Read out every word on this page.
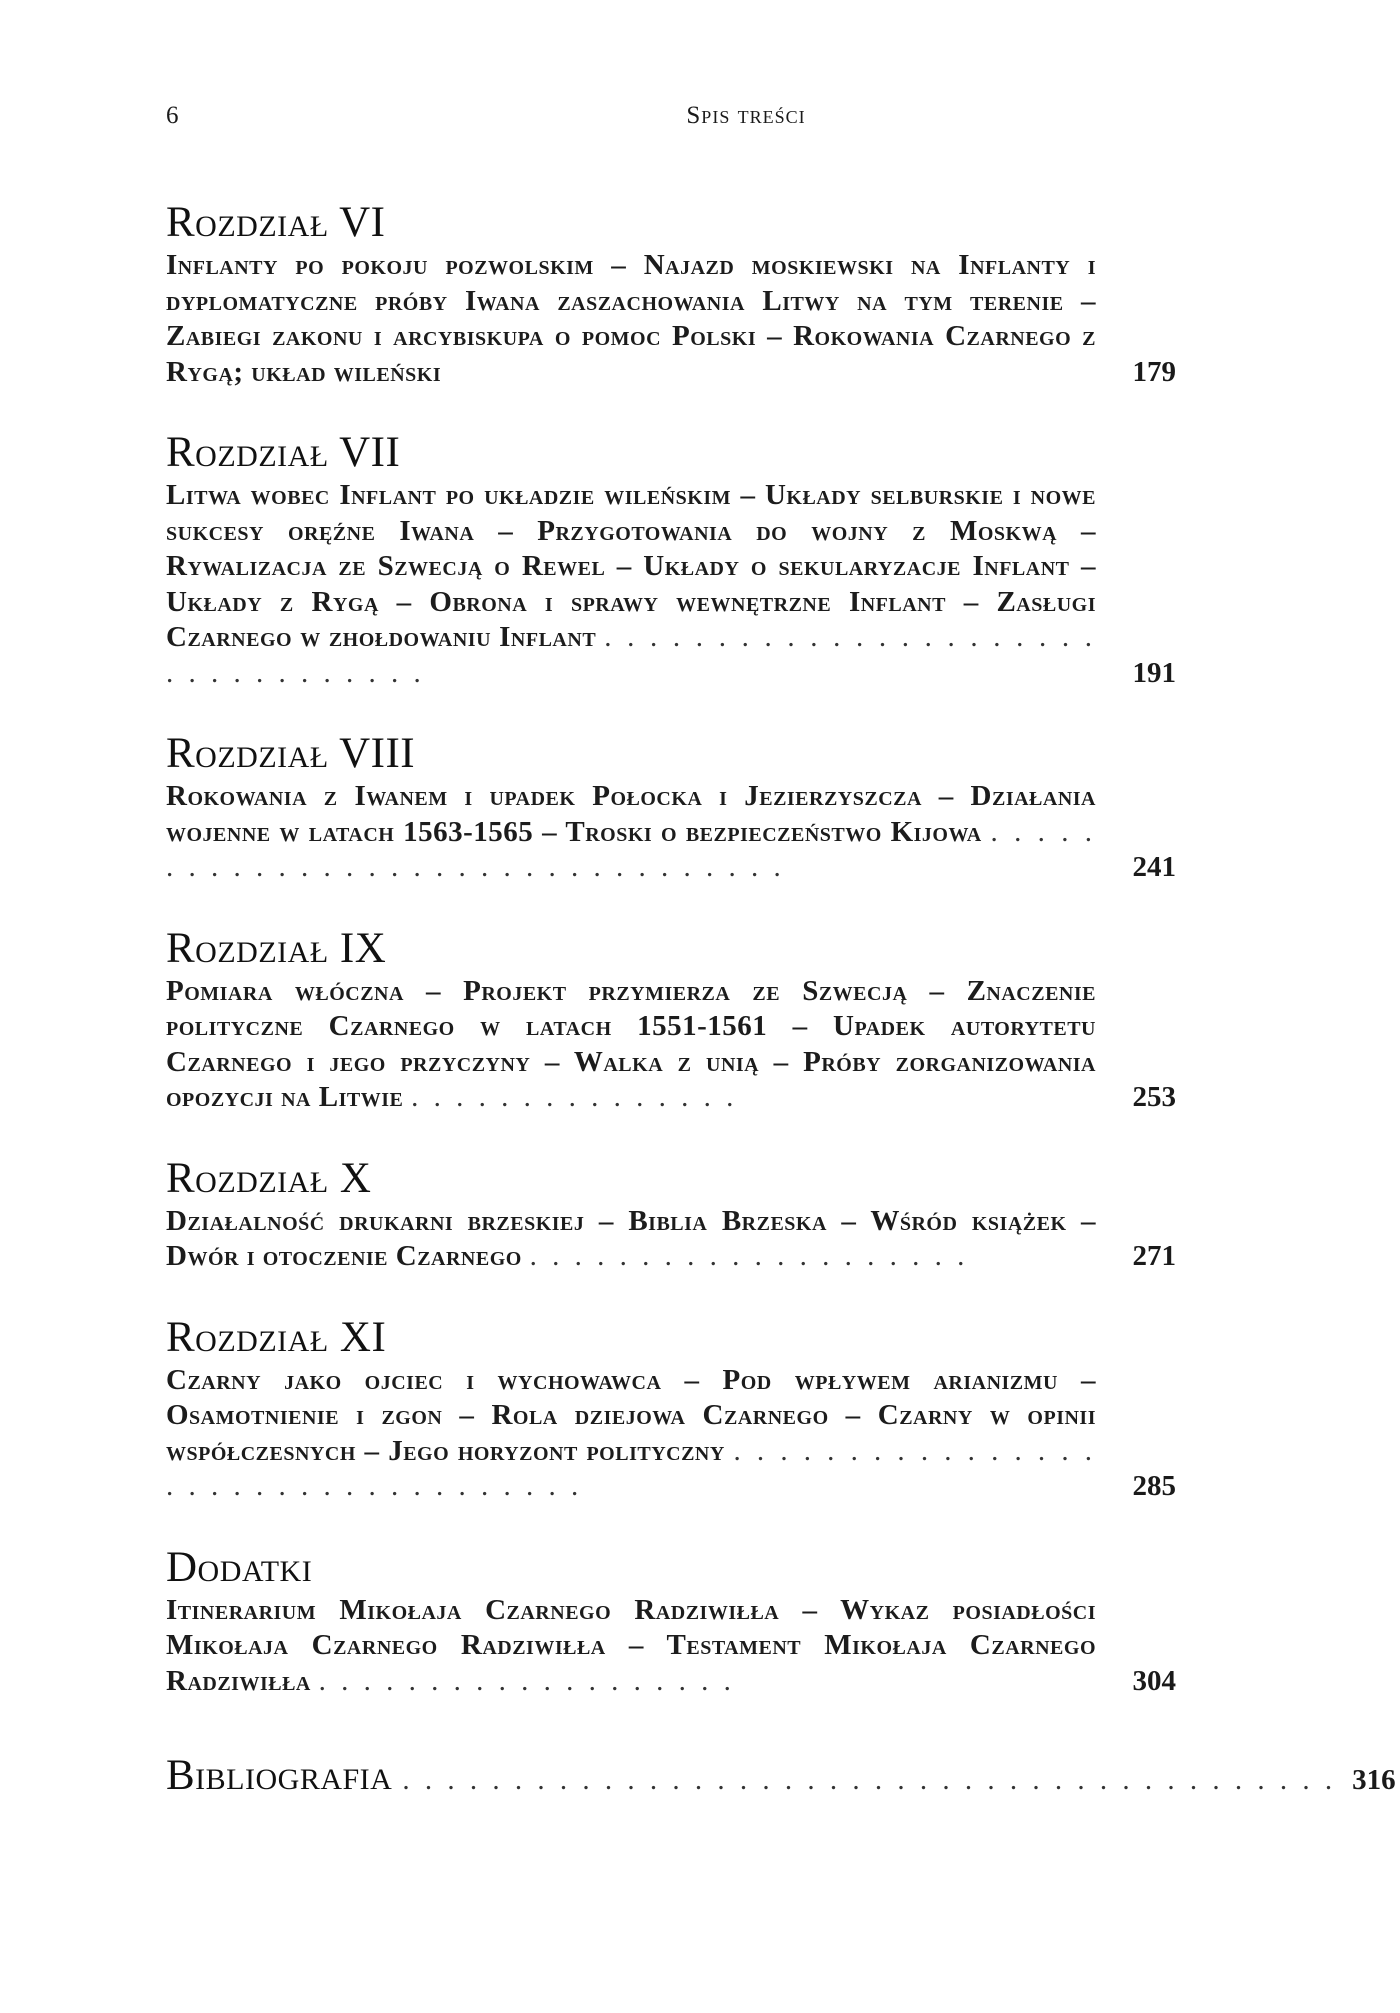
6	Spis treści
Rozdział VI
Inflanty po pokoju pozwolskim – Najazd moskiewski na Inflanty i dyplomatyczne próby Iwana zaszachowania Litwy na tym terenie – Zabiegi zakonu i arcybiskupa o pomoc Polski – Rokowania Czarnego z Rygą; układ wileński	179
Rozdział VII
Litwa wobec Inflant po układzie wileńskim – Układy selburskie i nowe sukcesy oręźne Iwana – Przygotowania do wojny z Moskwą – Rywalizacja ze Szwecją o Rewel – Układy o sekularyzacje Inflant – Układy z Rygą – Obrona i sprawy wewnętrzne Inflant – Zasługi Czarnego w zhołdowaniu Inflant . . . . . . . . . . . . . . . . . . . . . . . . . . . . . . . . . .	191
Rozdział VIII
Rokowania z Iwanem i upadek Połocka i Jezierzyszcza – Działania wojenne w latach 1563-1565 – Troski o bezpieczeństwo Kijowa . . . . . . . . . . . . . . . . . . . . . . . . . . . . . . . . .	241
Rozdział IX
Pomiara włóczna – Projekt przymierza ze Szwecją – Znaczenie polityczne Czarnego w latach 1551-1561 – Upadek autorytetu Czarnego i jego przyczyny – Walka z unią – Próby zorganizowania opozycji na Litwie . . . . . . . . . . . . . . .	253
Rozdział X
Działalność drukarni brzeskiej – Biblia Brzeska – Wśród książek – Dwór i otoczenie Czarnego . . . . . . . . . . . . . . . . . . . .	271
Rozdział XI
Czarny jako ojciec i wychowawca – Pod wpływem arianizmu – Osamotnienie i zgon – Rola dziejowa Czarnego – Czarny w opinii współczesnych – Jego horyzont polityczny . . . . . . . . . . . . . . . . . . . . . . . . . . . . . . . . . . .	285
Dodatki
Itinerarium Mikołaja Czarnego Radziwiłła – Wykaz posiadłości Mikołaja Czarnego Radziwiłła – Testament Mikołaja Czarnego Radziwiłła . . . . . . . . . . . . . . . . . . .	304
Bibliografia . . . . . . . . . . . . . . . . . . . . . . . . . . . . . . . . . . . . . . . . . . 316
